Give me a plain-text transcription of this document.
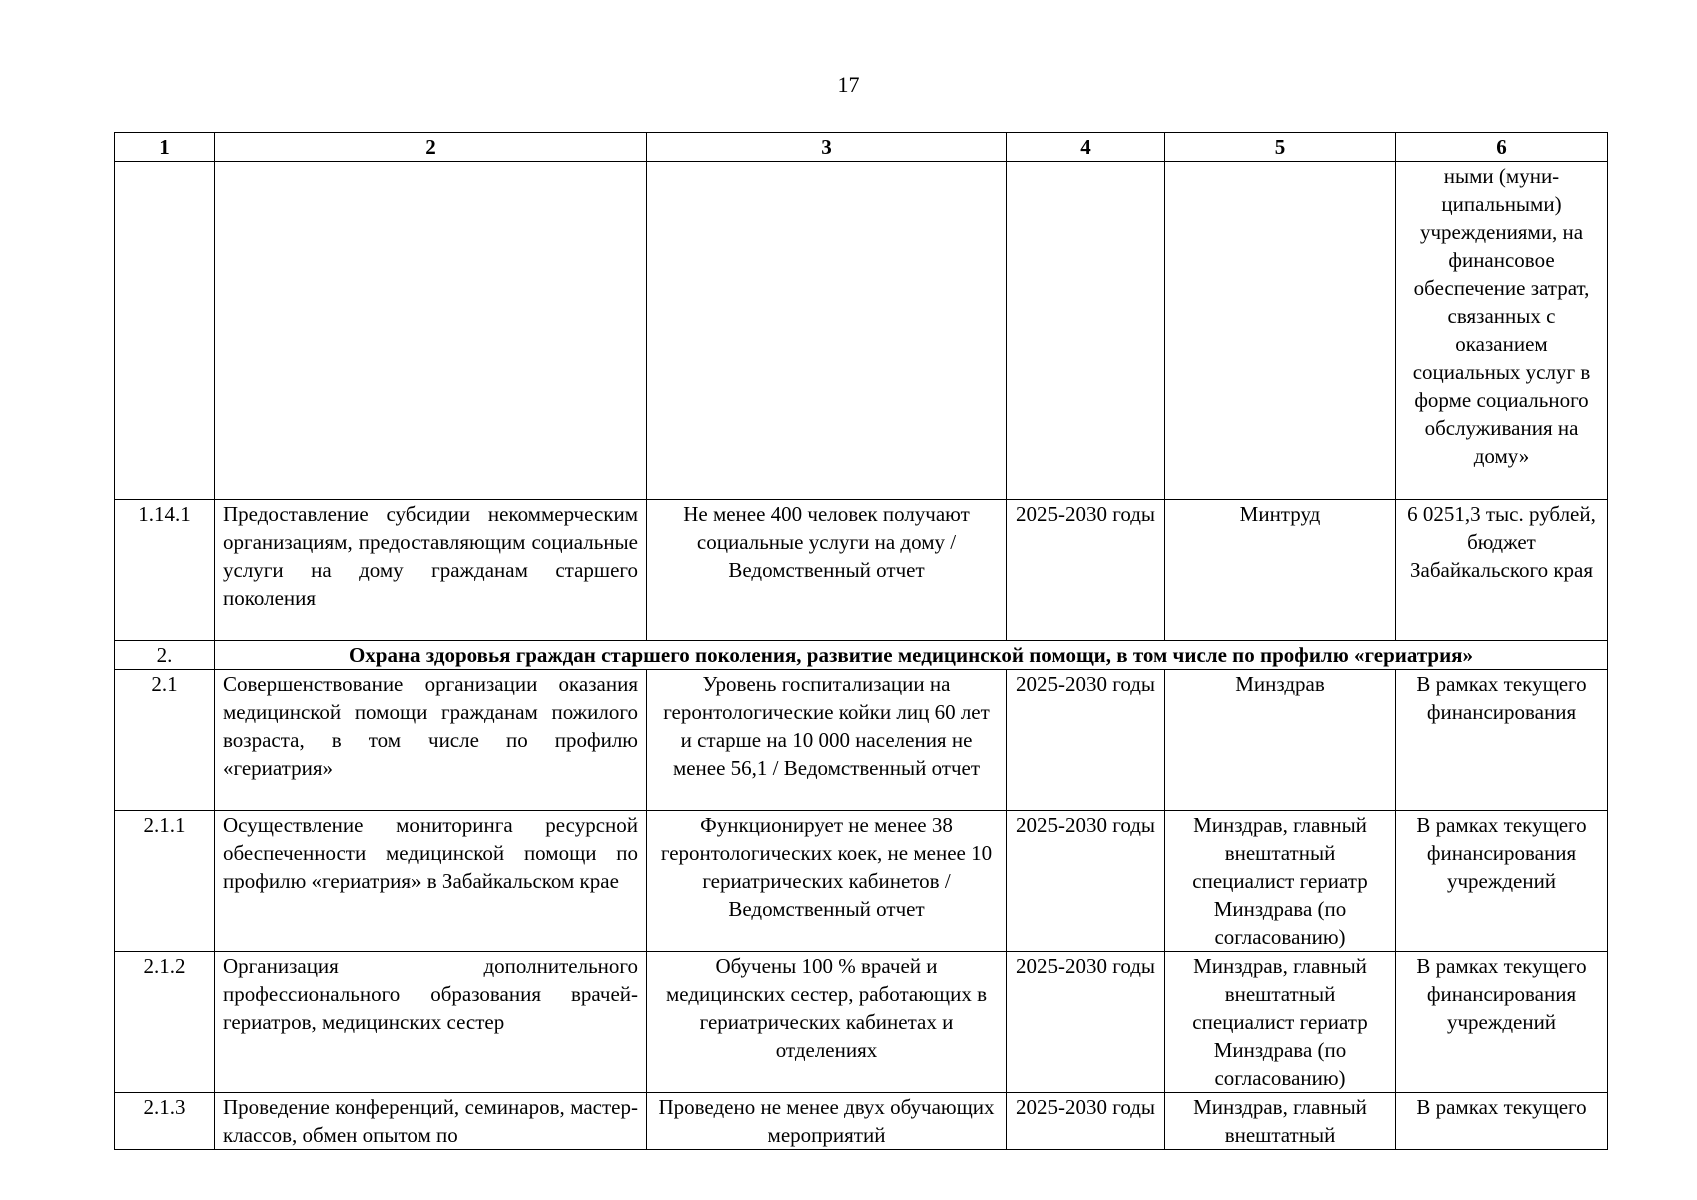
17
1	2	3	4	5	6
					ными (муни- ципальными) учреждениями, на финансовое обеспечение затрат, связанных с оказанием социальных услуг в форме социального обслуживания на дому»
1.14.1	Предоставление субсидии некоммерческим организациям, предоставляющим социальные услуги на дому гражданам старшего поколения	Не менее 400 человек получают социальные услуги на дому / Ведомственный отчет	2025-2030 годы	Минтруд	6 0251,3 тыс. рублей, бюджет Забайкальского края
2.	Охрана здоровья граждан старшего поколения, развитие медицинской помощи, в том числе по профилю «гериатрия»				
2.1	Совершенствование организации оказания медицинской помощи гражданам пожилого возраста, в том числе по профилю «гериатрия»	Уровень госпитализации на геронтологические койки лиц 60 лет и старше на 10 000 населения не менее 56,1 / Ведомственный отчет	2025-2030 годы	Минздрав	В рамках текущего финансирования
2.1.1	Осуществление мониторинга ресурсной обеспеченности медицинской помощи по профилю «гериатрия» в Забайкальском крае	Функционирует не менее 38 геронтологических коек, не менее 10 гериатрических кабинетов / Ведомственный отчет	2025-2030 годы	Минздрав, главный внештатный специалист гериатр Минздрава (по согласованию)	В рамках текущего финансирования учреждений
2.1.2	Организация дополнительного профессионального образования врачей-гериатров, медицинских сестер	Обучены 100 % врачей и медицинских сестер, работающих в гериатрических кабинетах и отделениях	2025-2030 годы	Минздрав, главный внештатный специалист гериатр Минздрава (по согласованию)	В рамках текущего финансирования учреждений
2.1.3	Проведение конференций, семинаров, мастер-классов, обмен опытом по	Проведено не менее двух обучающих мероприятий	2025-2030 годы	Минздрав, главный внештатный	В рамках текущего
